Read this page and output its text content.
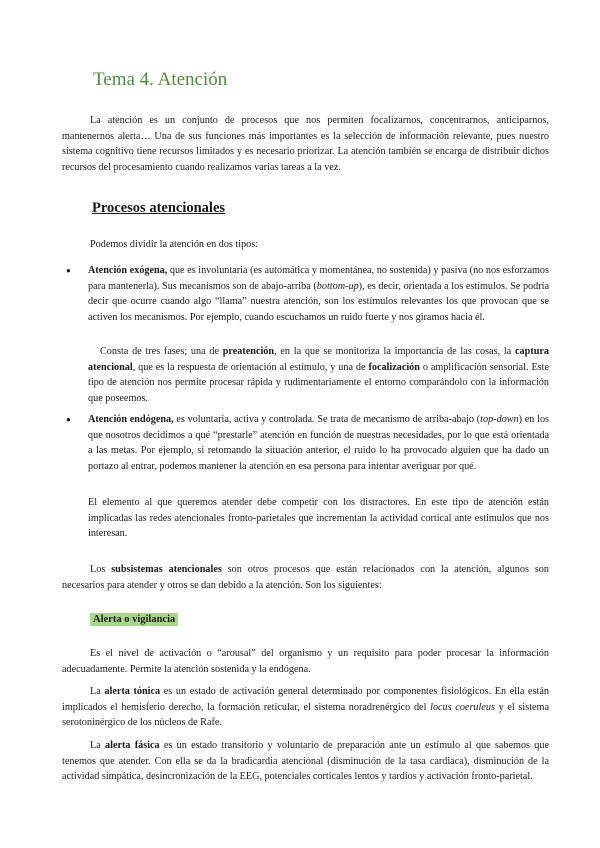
Tema 4. Atención

La atención es un conjunto de procesos que nos permiten focalizarnos, concentrarnos, anticiparnos, mantenernos alerta… Una de sus funciones más importantes es la selección de información relevante, pues nuestro sistema cognitivo tiene recursos limitados y es necesario priorizar. La atención también se encarga de distribuir dichos recursos del procesamiento cuando realizamos varias tareas a la vez.

Procesos atencionales

Podemos dividir la atención en dos tipos:

● Atención exógena, que es involuntaria (es automática y momentánea, no sostenida) y pasiva (no nos esforzamos para mantenerla). Sus mecanismos son de abajo-arriba (bottom-up), es decir, orientada a los estímulos. Se podría decir que ocurre cuando algo “llama” nuestra atención, son los estímulos relevantes los que provocan que se activen los mecanismos. Por ejemplo, cuando escuchamos un ruido fuerte y nos giramos hacia él.

Consta de tres fases; una de preatención, en la que se monitoriza la importancia de las cosas, la captura atencional, que es la respuesta de orientación al estímulo, y una de focalización o amplificación sensorial. Este tipo de atención nos permite procesar rápida y rudimentariamente el entorno comparándolo con la información que poseemos.

● Atención endógena, es voluntaria, activa y controlada. Se trata de mecanismo de arriba-abajo (top-down) en los que nosotros decidimos a qué “prestarle” atención en función de nuestras necesidades, por lo que está orientada a las metas. Por ejemplo, si retomando la situación anterior, el ruido lo ha provocado alguien que ha dado un portazo al entrar, podemos mantener la atención en esa persona para intentar averiguar por qué.

El elemento al que queremos atender debe competir con los distractores. En este tipo de atención están implicadas las redes atencionales fronto-parietales que incrementan la actividad cortical ante estímulos que nos interesan.

Los subsistemas atencionales son otros procesos que están relacionados con la atención, algunos son necesarios para atender y otros se dan debido a la atención. Son los siguientes:

Alerta o vigilancia

Es el nivel de activación o “arousal” del organismo y un requisito para poder procesar la información adecuadamente. Permite la atención sostenida y la endógena.

La alerta tónica es un estado de activación general determinado por componentes fisiológicos. En ella están implicados el hemisferio derecho, la formación reticular, el sistema noradrenérgico del locus coeruleus y el sistema serotoninérgico de los núcleos de Rafe.

La alerta fásica es un estado transitorio y voluntario de preparación ante un estímulo al que sabemos que tenemos que atender. Con ella se da la bradicardia atencional (disminución de la tasa cardiaca), disminución de la actividad simpática, desincronización de la EEG, potenciales corticales lentos y tardíos y activación fronto-parietal.
